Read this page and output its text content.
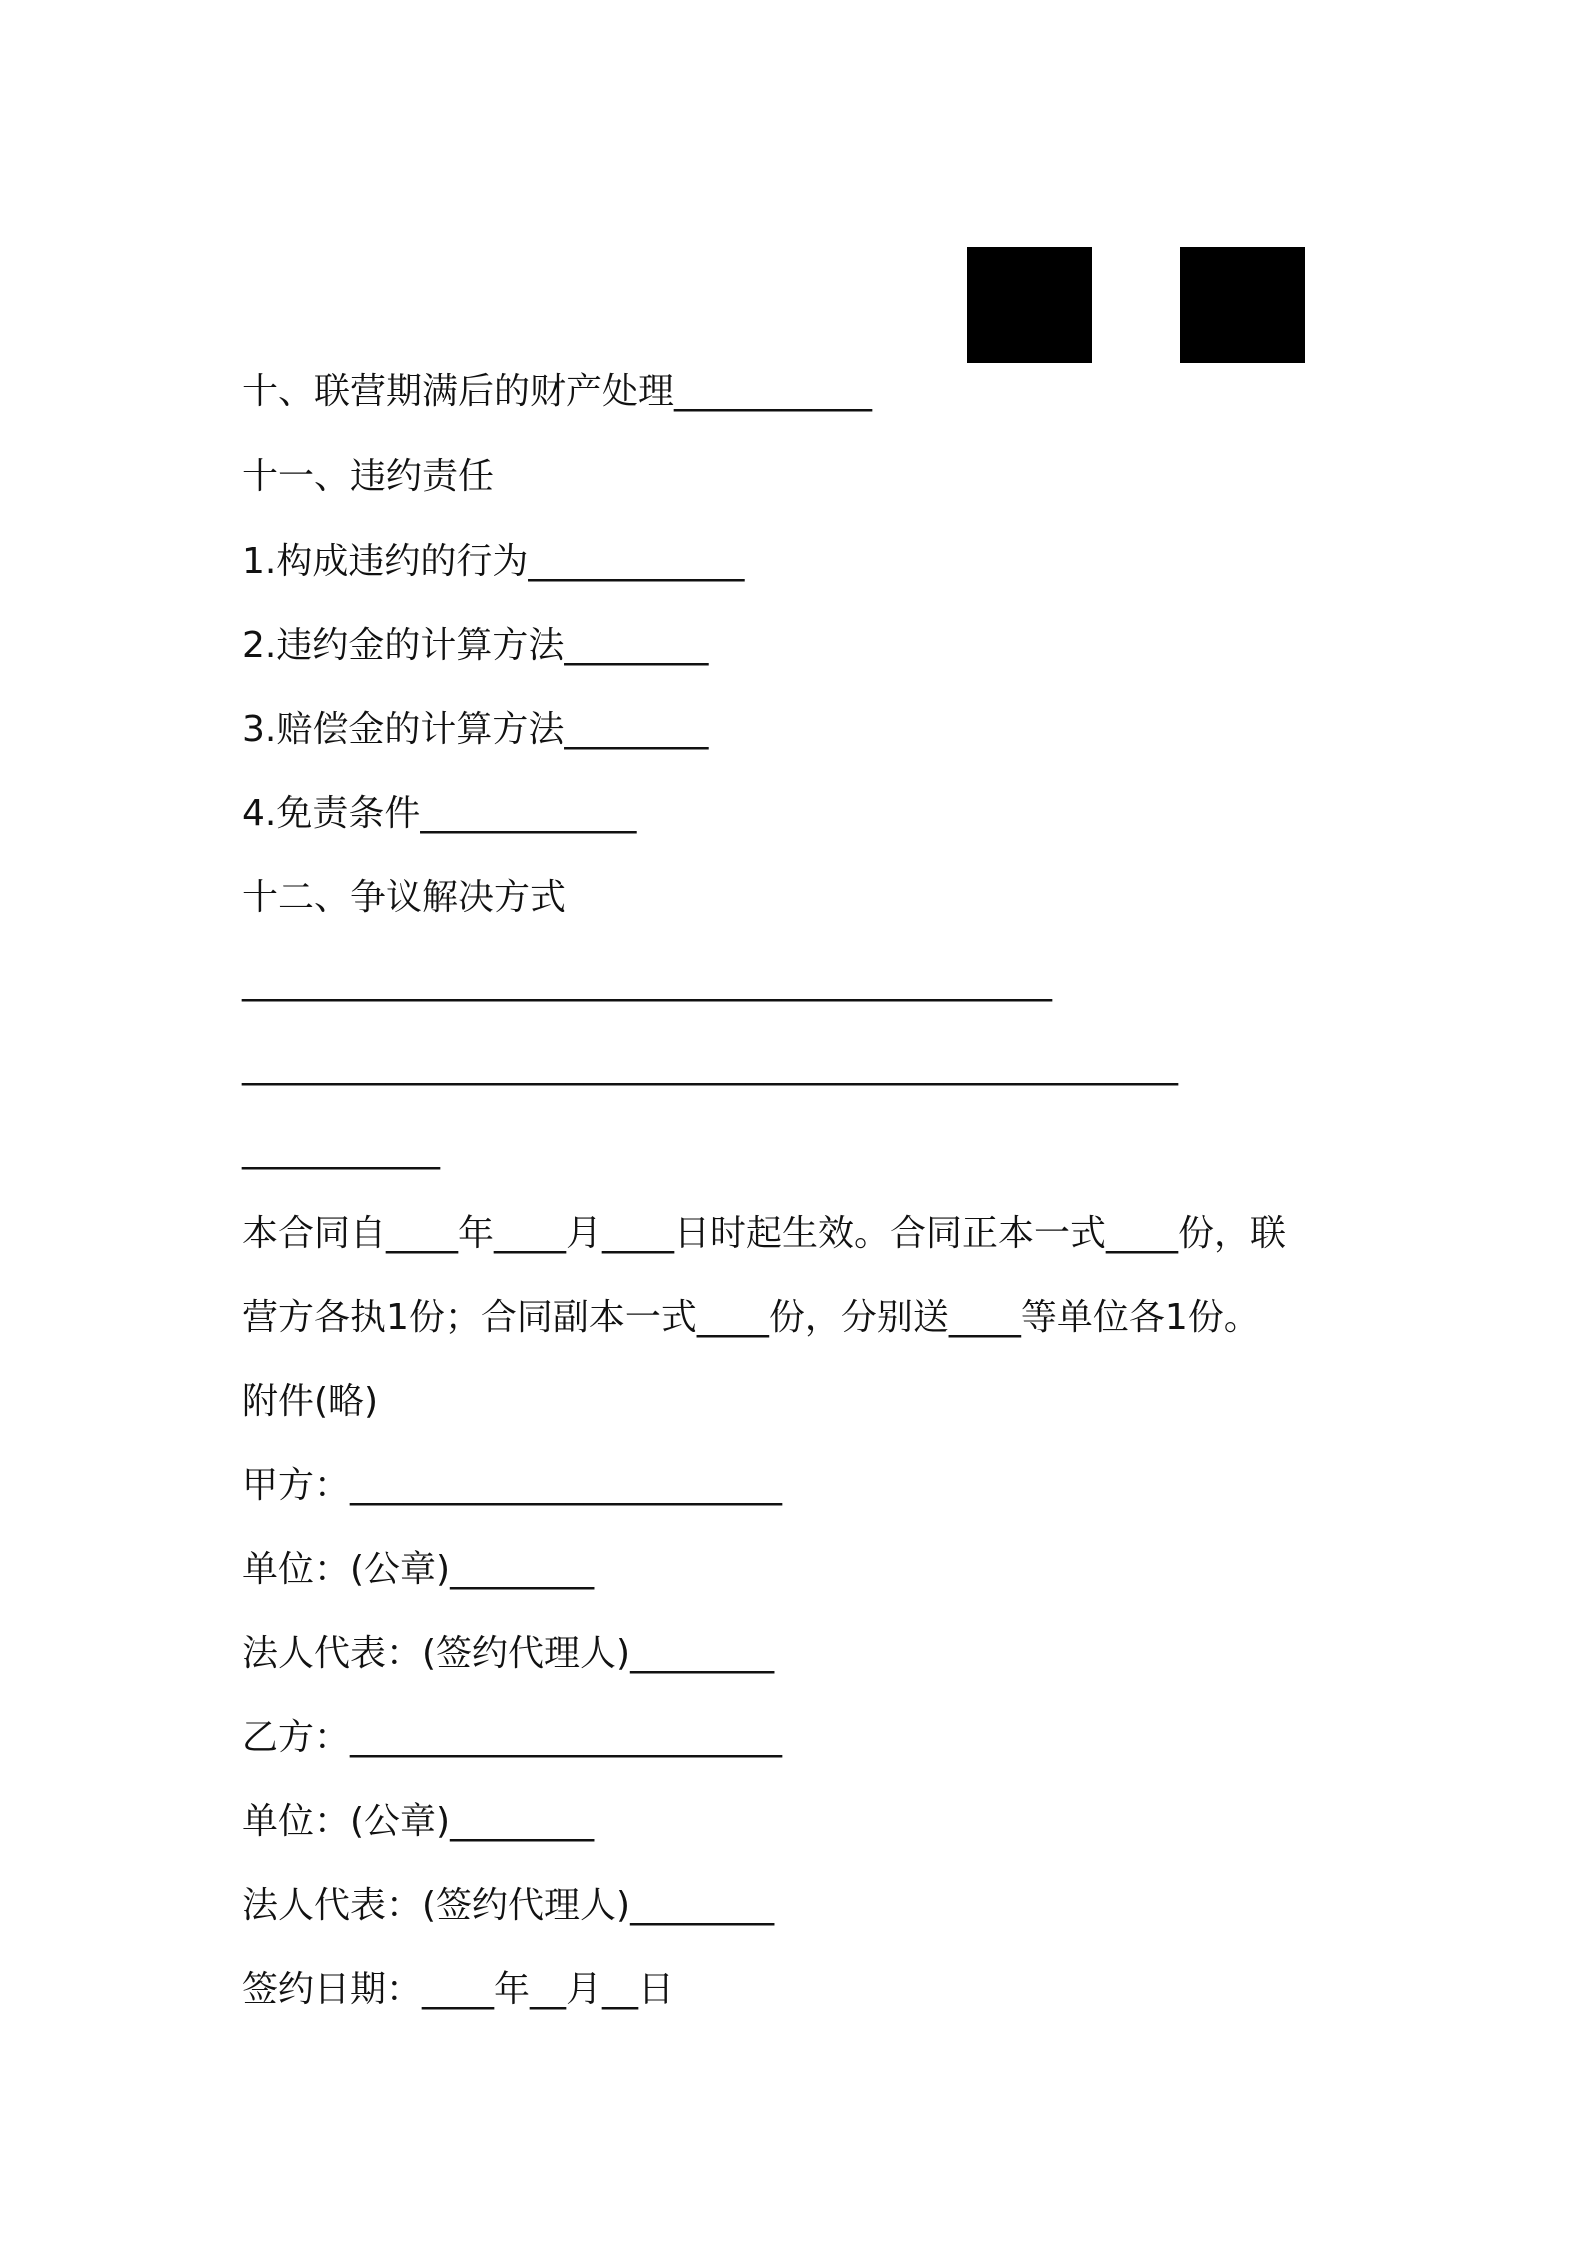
十、联营期满后的财产处理___________
十一、违约责任
1.构成违约的行为____________
2.违约金的计算方法________
3.赔偿金的计算方法________
4.免责条件____________
十二、争议解决方式
_____________________________________________
____________________________________________________
___________
本合同自____年____月____日时起生效。合同正本一式____份，联
营方各执1份；合同副本一式____份，分别送____等单位各1份。
附件(略)
甲方：________________________
单位：(公章)________
法人代表：(签约代理人)________
乙方：________________________
单位：(公章)________
法人代表：(签约代理人)________
签约日期：____年__月__日
